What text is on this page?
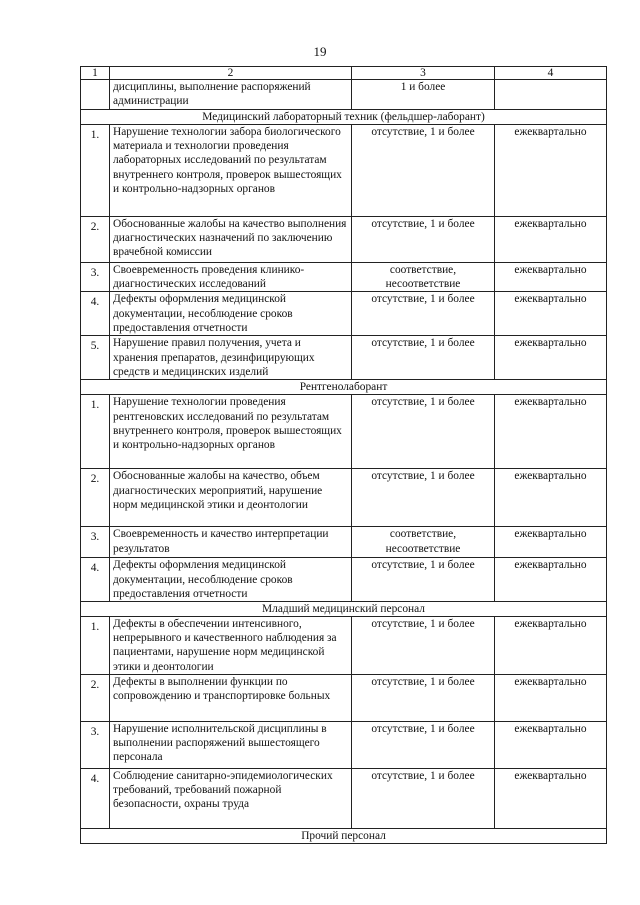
19
1	2	3	4
	дисциплины, выполнение распоряжений администрации	1 и более	
Медицинский лабораторный техник (фельдшер-лаборант)			
1.	Нарушение технологии забора биологического материала и технологии проведения лабораторных исследований по результатам внутреннего контроля, проверок вышестоящих и контрольно-надзорных органов	отсутствие, 1 и более	ежеквартально
2.	Обоснованные жалобы на качество выполнения диагностических назначений по заключению врачебной комиссии	отсутствие, 1 и более	ежеквартально
3.	Своевременность проведения клинико-диагностических исследований	соответствие, несоответствие	ежеквартально
4.	Дефекты оформления медицинской документации, несоблюдение сроков предоставления отчетности	отсутствие, 1 и более	ежеквартально
5.	Нарушение правил получения, учета и хранения препаратов, дезинфицирующих средств и медицинских изделий	отсутствие, 1 и более	ежеквартально
Рентгенолаборант			
1.	Нарушение технологии проведения рентгеновских исследований по результатам внутреннего контроля, проверок вышестоящих и контрольно-надзорных органов	отсутствие, 1 и более	ежеквартально
2.	Обоснованные жалобы на качество, объем диагностических мероприятий, нарушение норм медицинской этики и деонтологии	отсутствие, 1 и более	ежеквартально
3.	Своевременность и качество интерпретации результатов	соответствие, несоответствие	ежеквартально
4.	Дефекты оформления медицинской документации, несоблюдение сроков предоставления отчетности	отсутствие, 1 и более	ежеквартально
Младший медицинский персонал			
1.	Дефекты в обеспечении интенсивного, непрерывного и качественного наблюдения за пациентами, нарушение норм медицинской этики и деонтологии	отсутствие, 1 и более	ежеквартально
2.	Дефекты в выполнении функции по сопровождению и транспортировке больных	отсутствие, 1 и более	ежеквартально
3.	Нарушение исполнительской дисциплины в выполнении распоряжений вышестоящего персонала	отсутствие, 1 и более	ежеквартально
4.	Соблюдение санитарно-эпидемиологических требований, требований пожарной безопасности, охраны труда	отсутствие, 1 и более	ежеквартально
Прочий персонал			
